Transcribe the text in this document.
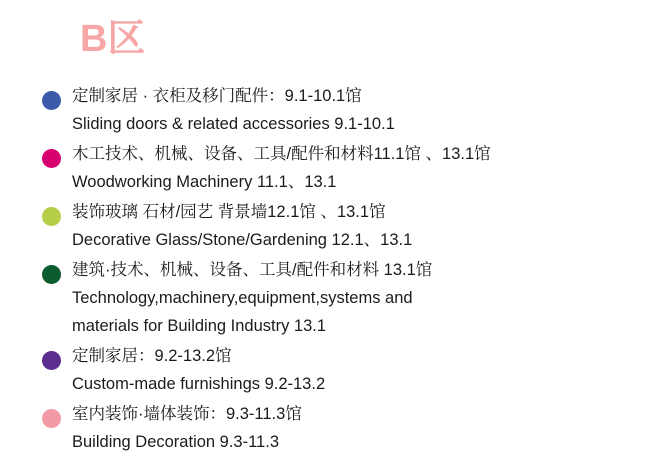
B区
定制家居 · 衣柜及移门配件：9.1-10.1馆
Sliding doors & related accessories 9.1-10.1
木工技术、机械、设备、工具/配件和材料11.1馆 、13.1馆
Woodworking Machinery 11.1、13.1
装饰玻璃 石材/园艺 背景墙12.1馆 、13.1馆
Decorative Glass/Stone/Gardening 12.1、13.1
建筑·技术、机械、设备、工具/配件和材料 13.1馆
Technology,machinery,equipment,systems and
materials for Building Industry 13.1
定制家居：9.2-13.2馆
Custom-made furnishings 9.2-13.2
室内装饰·墙体装饰：9.3-11.3馆
Building Decoration 9.3-11.3
